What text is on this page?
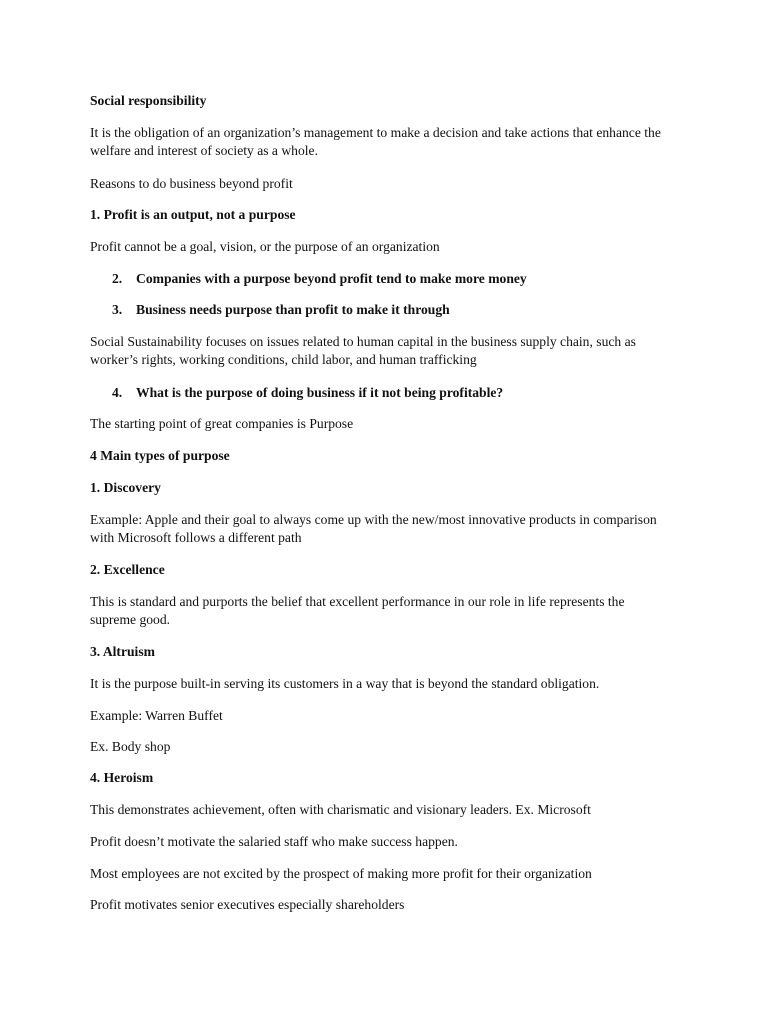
Social responsibility
It is the obligation of an organization’s management to make a decision and take actions that enhance the
welfare and interest of society as a whole.
Reasons to do business beyond profit
1. Profit is an output, not a purpose
Profit cannot be a goal, vision, or the purpose of an organization
2. Companies with a purpose beyond profit tend to make more money
3. Business needs purpose than profit to make it through
Social Sustainability focuses on issues related to human capital in the business supply chain, such as
worker’s rights, working conditions, child labor, and human trafficking
4. What is the purpose of doing business if it not being profitable?
The starting point of great companies is Purpose
4 Main types of purpose
1. Discovery
Example: Apple and their goal to always come up with the new/most innovative products in comparison
with Microsoft follows a different path
2. Excellence
This is standard and purports the belief that excellent performance in our role in life represents the
supreme good.
3. Altruism
It is the purpose built-in serving its customers in a way that is beyond the standard obligation.
Example: Warren Buffet
Ex. Body shop
4. Heroism
This demonstrates achievement, often with charismatic and visionary leaders. Ex. Microsoft
Profit doesn’t motivate the salaried staff who make success happen.
Most employees are not excited by the prospect of making more profit for their organization
Profit motivates senior executives especially shareholders
